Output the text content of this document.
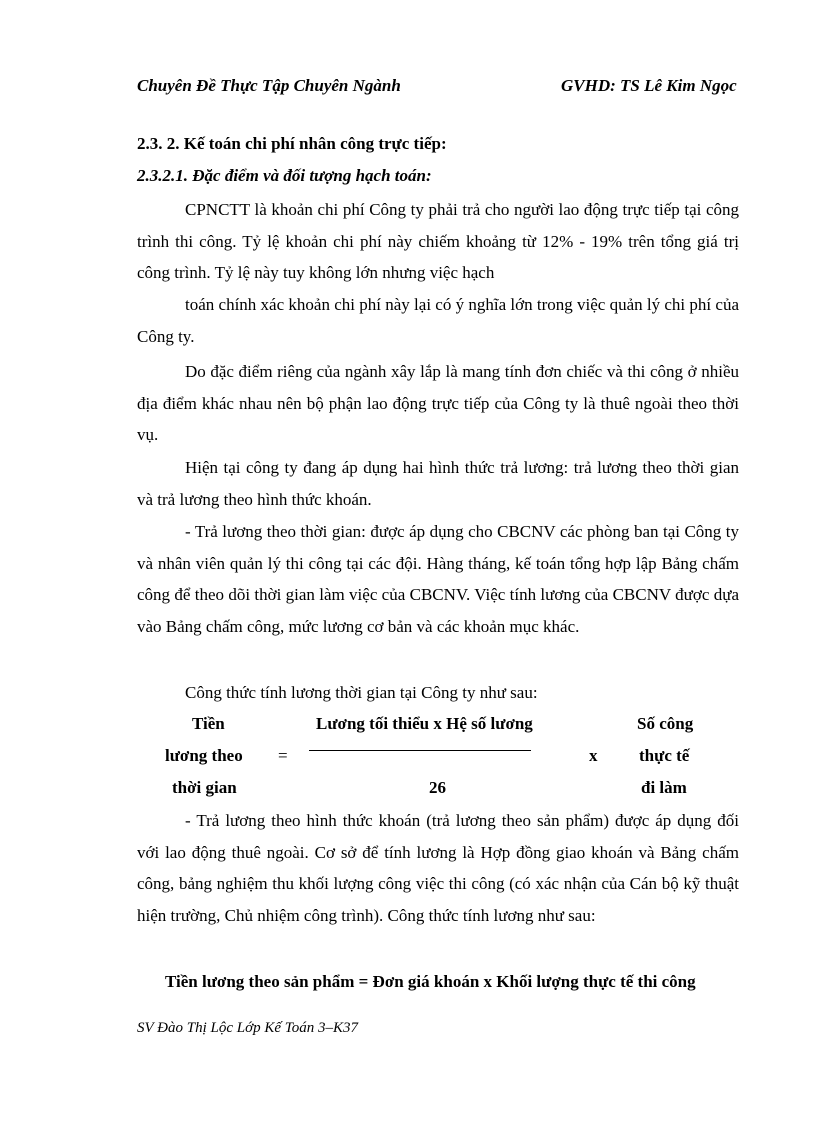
Chuyên Đề Thực Tập Chuyên Ngành	GVHD: TS Lê Kim Ngọc
2.3. 2. Kế toán chi phí nhân công trực tiếp:
2.3.2.1. Đặc điểm và đối tượng hạch toán:
CPNCTT là khoản chi phí Công ty phải trả cho người lao động trực tiếp tại công trình thi công. Tỷ lệ khoản chi phí này chiếm khoảng từ 12% - 19% trên tổng giá trị công trình. Tỷ lệ này tuy không lớn nhưng việc hạch
toán chính xác khoản chi phí này lại có ý nghĩa lớn trong việc quản lý chi phí của Công ty.
Do đặc điểm riêng của ngành xây lắp là mang tính đơn chiếc và thi công ở nhiều địa điểm khác nhau nên bộ phận lao động trực tiếp của Công ty là thuê ngoài theo thời vụ.
Hiện tại công ty đang áp dụng hai hình thức trả lương: trả lương theo thời gian và trả lương theo hình thức khoán.
- Trả lương theo thời gian: được áp dụng cho CBCNV các phòng ban tại Công ty và nhân viên quản lý thi công tại các đội. Hàng tháng, kế toán tổng hợp lập Bảng chấm công để theo dõi thời gian làm việc của CBCNV. Việc tính lương của CBCNV được dựa vào Bảng chấm công, mức lương cơ bản và các khoản mục khác.
Công thức tính lương thời gian tại Công ty như sau:
Tiền
lương theo
thời gian
=
Lương tối thiểu x Hệ số lương
26
x
Số công
thực tế
đi làm
- Trả lương theo hình thức khoán (trả lương theo sản phẩm) được áp dụng đối với lao động thuê ngoài. Cơ sở để tính lương là Hợp đồng giao khoán và Bảng chấm công, bảng nghiệm thu khối lượng công việc thi công (có xác nhận của Cán bộ kỹ thuật hiện trường, Chủ nhiệm công trình). Công thức tính lương như sau:
Tiền lương theo sản phẩm = Đơn giá khoán x Khối lượng thực tế thi công
SV Đào Thị Lộc Lớp Kế Toán 3–K37
